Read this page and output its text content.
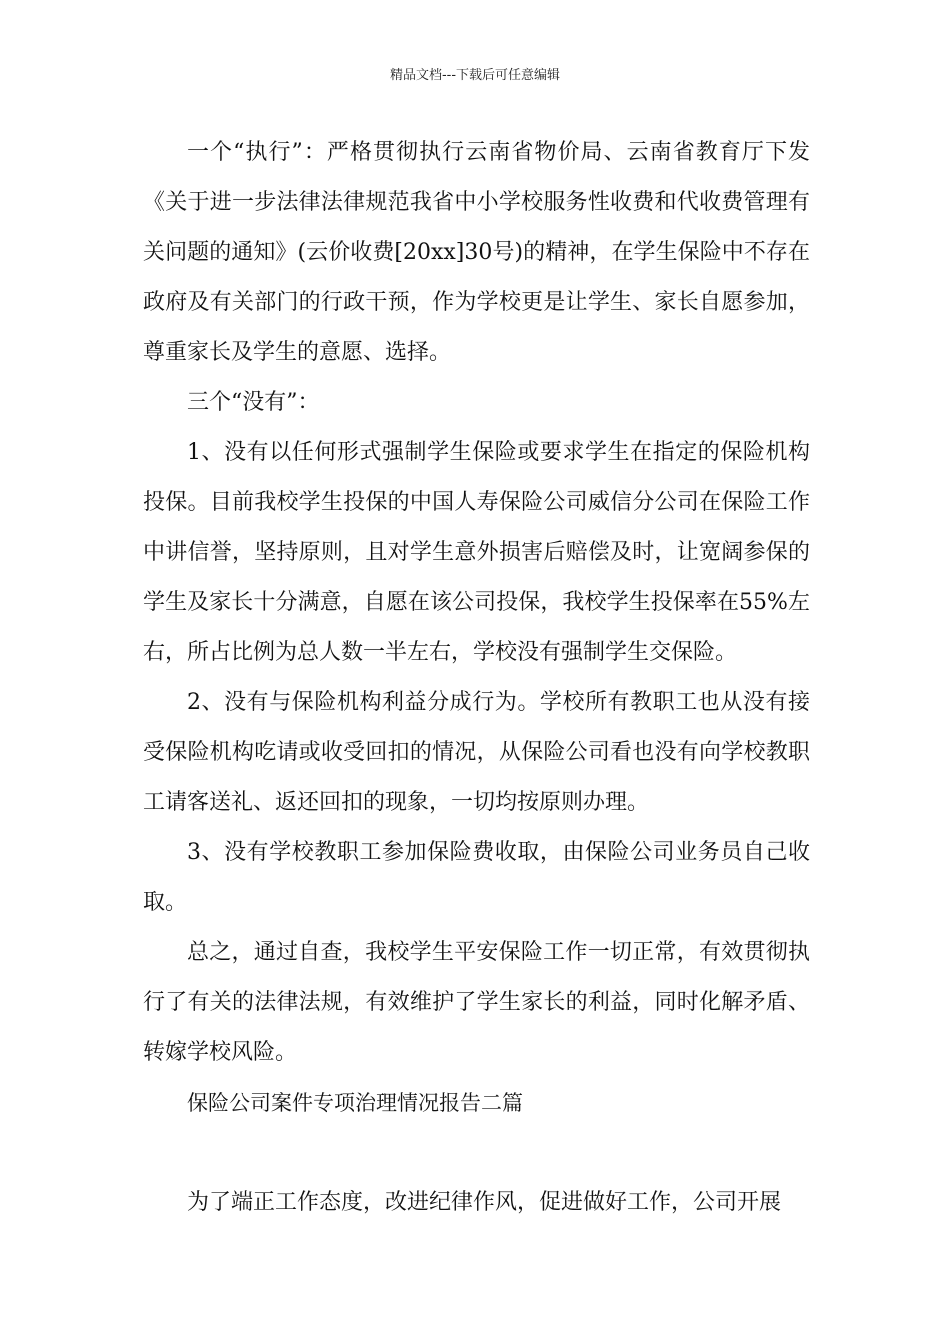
精品文档---下载后可任意编辑

一个“执行”：严格贯彻执行云南省物价局、云南省教育厅下发《关于进一步法律法律规范我省中小学校服务性收费和代收费管理有关问题的通知》(云价收费[20xx]30号)的精神，在学生保险中不存在政府及有关部门的行政干预，作为学校更是让学生、家长自愿参加，尊重家长及学生的意愿、选择。

三个“没有”：

1、没有以任何形式强制学生保险或要求学生在指定的保险机构投保。目前我校学生投保的中国人寿保险公司威信分公司在保险工作中讲信誉，坚持原则，且对学生意外损害后赔偿及时，让宽阔参保的学生及家长十分满意，自愿在该公司投保，我校学生投保率在55%左右，所占比例为总人数一半左右，学校没有强制学生交保险。

2、没有与保险机构利益分成行为。学校所有教职工也从没有接受保险机构吃请或收受回扣的情况，从保险公司看也没有向学校教职工请客送礼、返还回扣的现象，一切均按原则办理。

3、没有学校教职工参加保险费收取，由保险公司业务员自己收取。

总之，通过自查，我校学生平安保险工作一切正常，有效贯彻执行了有关的法律法规，有效维护了学生家长的利益，同时化解矛盾、转嫁学校风险。

保险公司案件专项治理情况报告二篇

为了端正工作态度，改进纪律作风，促进做好工作，公司开展
